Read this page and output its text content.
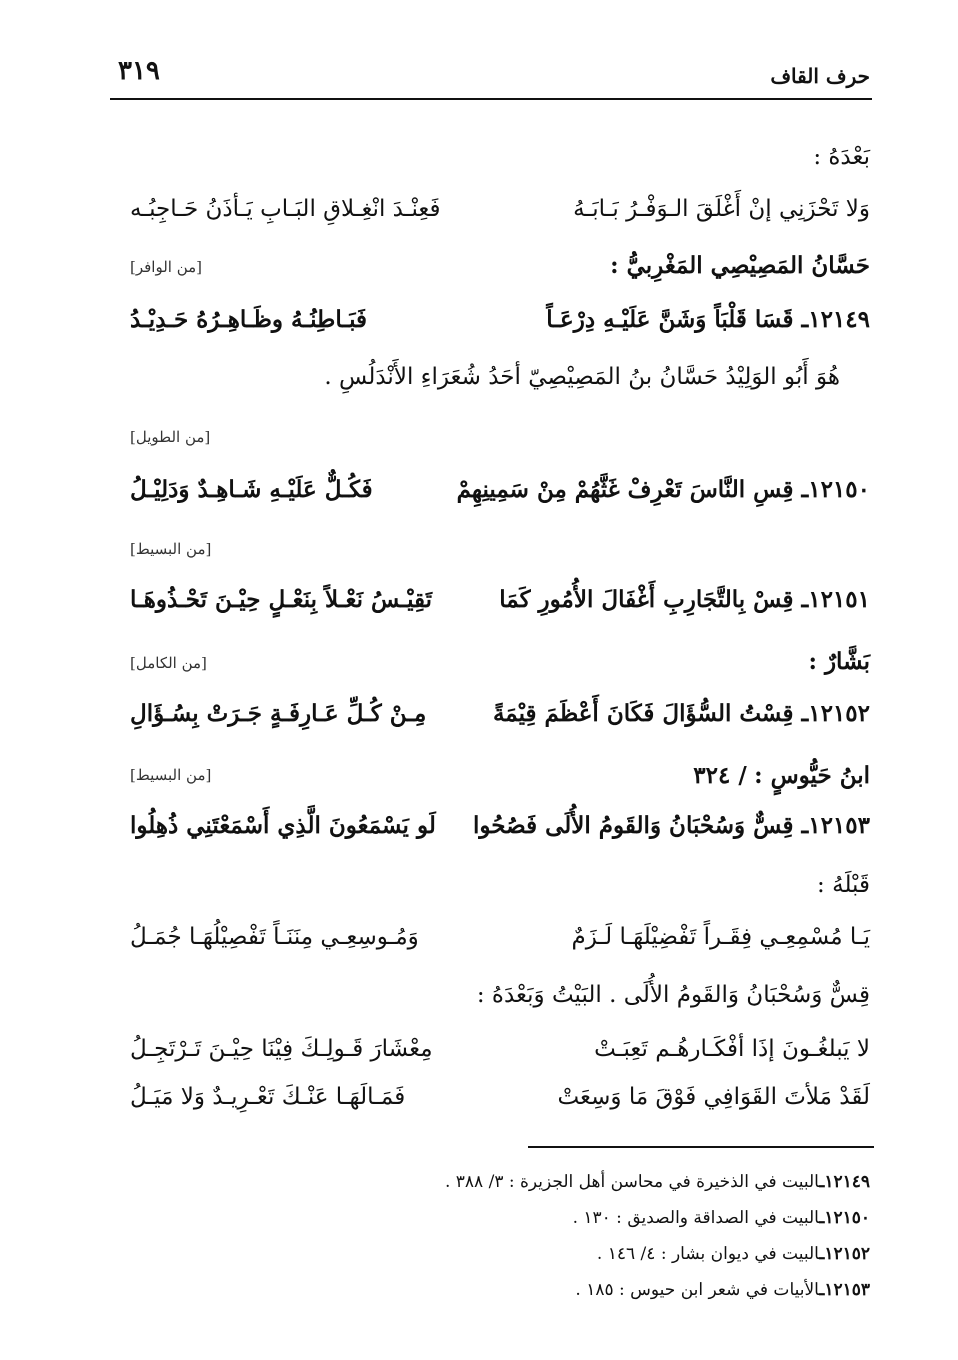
حرف القاف
٣١٩
بَعْدَهُ :
وَلا تَحْزَنِي إنْ أَغْلَقَ الـوَفْـرُ بَـابَـهُ
فَعِنْـدَ انْغِـلاقِ البَـابِ يَـأذَنُ حَـاجِبُـه
حَسَّانُ المَصِيْصِي المَغْرِبيُّ :
[من الوافر]
١٢١٤٩ـ قَسَا قَلْبَاً وَشَنَّ عَلَيْـهِ دِرْعَـاً
فَبَـاطِنُـهُ وظَـاهِـرُهُ حَـدِيْـدُ
هُوَ أَبُو الوَلِيْدُ حَسَّانُ بنُ المَصِيْصِيّ أحَدُ شُعَرَاءِ الأَنْدَلُسِ .
[من الطويل]
١٢١٥٠ـ قِسِ النَّاسَ تَعْرِفْ غَثَّهُمْ مِنْ سَمِينِهِمْ
فَكُـلٌّ عَلَيْـهِ شَـاهِـدٌ وَدَلِيْـلُ
[من البسيط]
١٢١٥١ـ قِسْ بِالتَّجَارِبِ أَغْفَالَ الأُمُورِ كَمَا
تَقِيْـسُ نَعْـلاً بِنَعْـلٍ حِيْـنَ تَحْـذُوهَـا
بَشَّارٌ :
[من الكامل]
١٢١٥٢ـ قِسْتُ السُّؤَالَ فَكَانَ أَعْظَمَ قِيْمَةً
مِـنْ كُـلِّ عَـارِفَـةٍ جَـرَتْ بِسُـؤَالِ
ابنُ حَيُّوسٍ : / ٣٢٤
[من البسيط]
١٢١٥٣ـ قِسٌّ وَسُحْبَانُ وَالقَومُ الأُلَى فَصُحُوا
لَو يَسْمَعُونَ الَّذِي أَسْمَعْتَنِي ذُهِلُوا
قَبْلَهُ :
يَـا مُسْمِعِـي فِقَـراً تَفْضِيْلَهَـا لَـزَمٌ
وَمُـوسِعِـي مِنَنَـاً تَفْصِيْلُهَـا جُمَـلُ
قِسٌّ وَسُحْبَانُ وَالقَومُ الأُلَى . البَيْتُ وَبَعْدَهُ :
لا يَبلغُـونَ إذَا أفْكَـارهُـم تَعِبَـتْ
مِعْشَارَ قَـولِـكَ فِيْنَا حِيْـنَ تَـرْتَجِـلُ
لَقَدْ مَلأتَ القَوَافِي فَوْقَ مَا وَسِعَتْ
فَمَـالَهَـا عَنْـكَ تَعْـرِيـدٌ وَلا مَيَـلُ
١٢١٤٩ـالبيت في الذخيرة في محاسن أهل الجزيرة : ٣/ ٣٨٨ .
١٢١٥٠ـالبيت في الصداقة والصديق : ١٣٠ .
١٢١٥٢ـالبيت في ديوان بشار : ٤/ ١٤٦ .
١٢١٥٣ـالأبيات في شعر ابن حيوس : ١٨٥ .
